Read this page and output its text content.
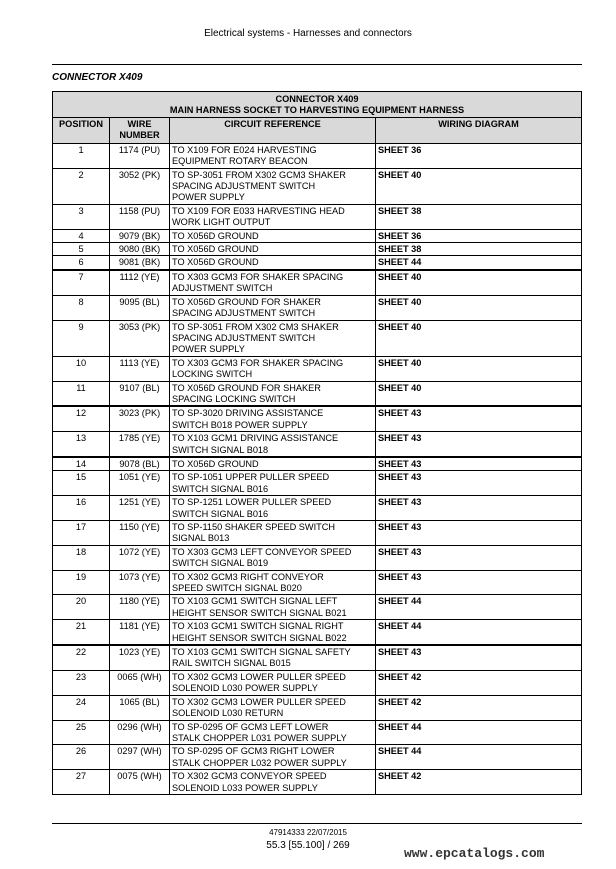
Electrical systems - Harnesses and connectors
CONNECTOR X409
CONNECTOR X409
MAIN HARNESS SOCKET TO HARVESTING EQUIPMENT HARNESS			

POSITION	WIRE NUMBER	CIRCUIT REFERENCE	WIRING DIAGRAM
1	1174 (PU)	TO X109 FOR E024 HARVESTING
EQUIPMENT ROTARY BEACON	SHEET 36
2	3052 (PK)	TO SP-3051 FROM X302 GCM3 SHAKER
SPACING ADJUSTMENT SWITCH
POWER SUPPLY	SHEET 40
3	1158 (PU)	TO X109 FOR E033 HARVESTING HEAD
WORK LIGHT OUTPUT	SHEET 38
4	9079 (BK)	TO X056D GROUND	SHEET 36
5	9080 (BK)	TO X056D GROUND	SHEET 38
6	9081 (BK)	TO X056D GROUND	SHEET 44
7	1112 (YE)	TO X303 GCM3 FOR SHAKER SPACING
ADJUSTMENT SWITCH	SHEET 40
8	9095 (BL)	TO X056D GROUND FOR SHAKER
SPACING ADJUSTMENT SWITCH	SHEET 40
9	3053 (PK)	TO SP-3051 FROM X302 CM3 SHAKER
SPACING ADJUSTMENT SWITCH
POWER SUPPLY	SHEET 40
10	1113 (YE)	TO X303 GCM3 FOR SHAKER SPACING
LOCKING SWITCH	SHEET 40
11	9107 (BL)	TO X056D GROUND FOR SHAKER
SPACING LOCKING SWITCH	SHEET 40
12	3023 (PK)	TO SP-3020 DRIVING ASSISTANCE
SWITCH B018 POWER SUPPLY	SHEET 43
13	1785 (YE)	TO X103 GCM1 DRIVING ASSISTANCE
SWITCH SIGNAL B018	SHEET 43
14	9078 (BL)	TO X056D GROUND	SHEET 43
15	1051 (YE)	TO SP-1051 UPPER PULLER SPEED
SWITCH SIGNAL B016	SHEET 43
16	1251 (YE)	TO SP-1251 LOWER PULLER SPEED
SWITCH SIGNAL B016	SHEET 43
17	1150 (YE)	TO SP-1150 SHAKER SPEED SWITCH
SIGNAL B013	SHEET 43
18	1072 (YE)	TO X303 GCM3 LEFT CONVEYOR SPEED
SWITCH SIGNAL B019	SHEET 43
19	1073 (YE)	TO X302 GCM3 RIGHT CONVEYOR
SPEED SWITCH SIGNAL B020	SHEET 43
20	1180 (YE)	TO X103 GCM1 SWITCH SIGNAL LEFT
HEIGHT SENSOR SWITCH SIGNAL B021	SHEET 44
21	1181 (YE)	TO X103 GCM1 SWITCH SIGNAL RIGHT
HEIGHT SENSOR SWITCH SIGNAL B022	SHEET 44
22	1023 (YE)	TO X103 GCM1 SWITCH SIGNAL SAFETY
RAIL SWITCH SIGNAL B015	SHEET 43
23	0065 (WH)	TO X302 GCM3 LOWER PULLER SPEED
SOLENOID L030 POWER SUPPLY	SHEET 42
24	1065 (BL)	TO X302 GCM3 LOWER PULLER SPEED
SOLENOID L030 RETURN	SHEET 42
25	0296 (WH)	TO SP-0295 OF GCM3 LEFT LOWER
STALK CHOPPER L031 POWER SUPPLY	SHEET 44
26	0297 (WH)	TO SP-0295 OF GCM3 RIGHT LOWER
STALK CHOPPER L032 POWER SUPPLY	SHEET 44
27	0075 (WH)	TO X302 GCM3 CONVEYOR SPEED
SOLENOID L033 POWER SUPPLY	SHEET 42
47914333 22/07/2015
55.3 [55.100] / 269
www.epcatalogs.com
